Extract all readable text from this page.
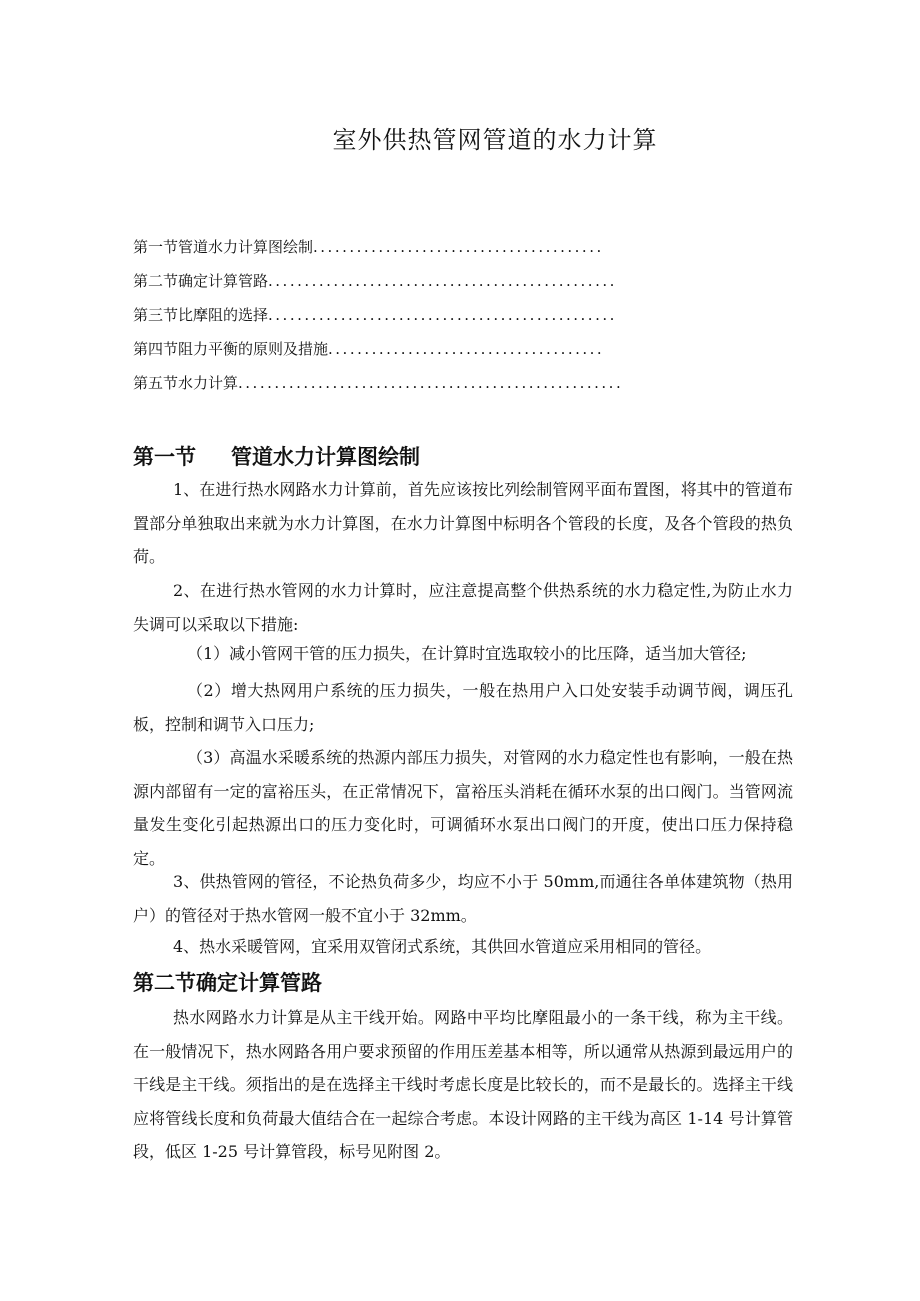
室外供热管网管道的水力计算
第一节管道水力计算图绘制........................................
第二节确定计算管路................................................
第三节比摩阻的选择................................................
第四节阻力平衡的原则及措施......................................
第五节水力计算.....................................................
第一节 管道水力计算图绘制

1、在进行热水网路水力计算前，首先应该按比列绘制管网平面布置图，将其中的管道布置部分单独取出来就为水力计算图，在水力计算图中标明各个管段的长度，及各个管段的热负荷。

2、在进行热水管网的水力计算时，应注意提高整个供热系统的水力稳定性,为防止水力失调可以采取以下措施:

（1）减小管网干管的压力损失，在计算时宜选取较小的比压降，适当加大管径;

（2）增大热网用户系统的压力损失，一般在热用户入口处安装手动调节阀，调压孔板，控制和调节入口压力;

（3）高温水采暖系统的热源内部压力损失，对管网的水力稳定性也有影响，一般在热源内部留有一定的富裕压头，在正常情况下，富裕压头消耗在循环水泵的出口阀门。当管网流量发生变化引起热源出口的压力变化时，可调循环水泵出口阀门的开度，使出口压力保持稳定。

3、供热管网的管径，不论热负荷多少，均应不小于 50mm,而通往各单体建筑物（热用户）的管径对于热水管网一般不宜小于 32mm。

4、热水采暖管网，宜采用双管闭式系统，其供回水管道应采用相同的管径。

第二节确定计算管路

热水网路水力计算是从主干线开始。网路中平均比摩阻最小的一条干线，称为主干线。在一般情况下，热水网路各用户要求预留的作用压差基本相等，所以通常从热源到最远用户的干线是主干线。须指出的是在选择主干线时考虑长度是比较长的，而不是最长的。选择主干线应将管线长度和负荷最大值结合在一起综合考虑。本设计网路的主干线为高区 1-14 号计算管段，低区 1-25 号计算管段，标号见附图 2。
